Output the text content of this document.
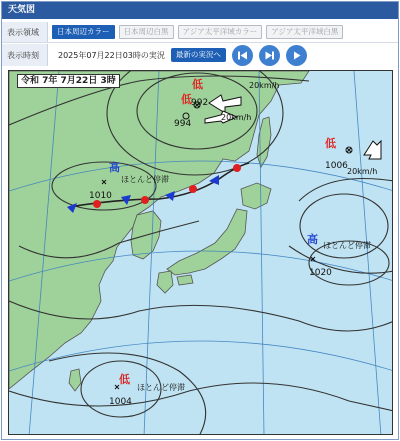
天気図
表示領域	日本周辺カラー	日本周辺白黒	アジア太平洋域カラー	アジア太平洋域白黒
表示時刻	2025年07月22日03時の実況	最新の実況へ
令和 7年 7月22日 3時	低
992
20km/h
低
994
20km/h
低
1006
20km/h
高
1010
ほとんど停滞
高
1020
ほとんど停滞
低
1004
ほとんど停滞
